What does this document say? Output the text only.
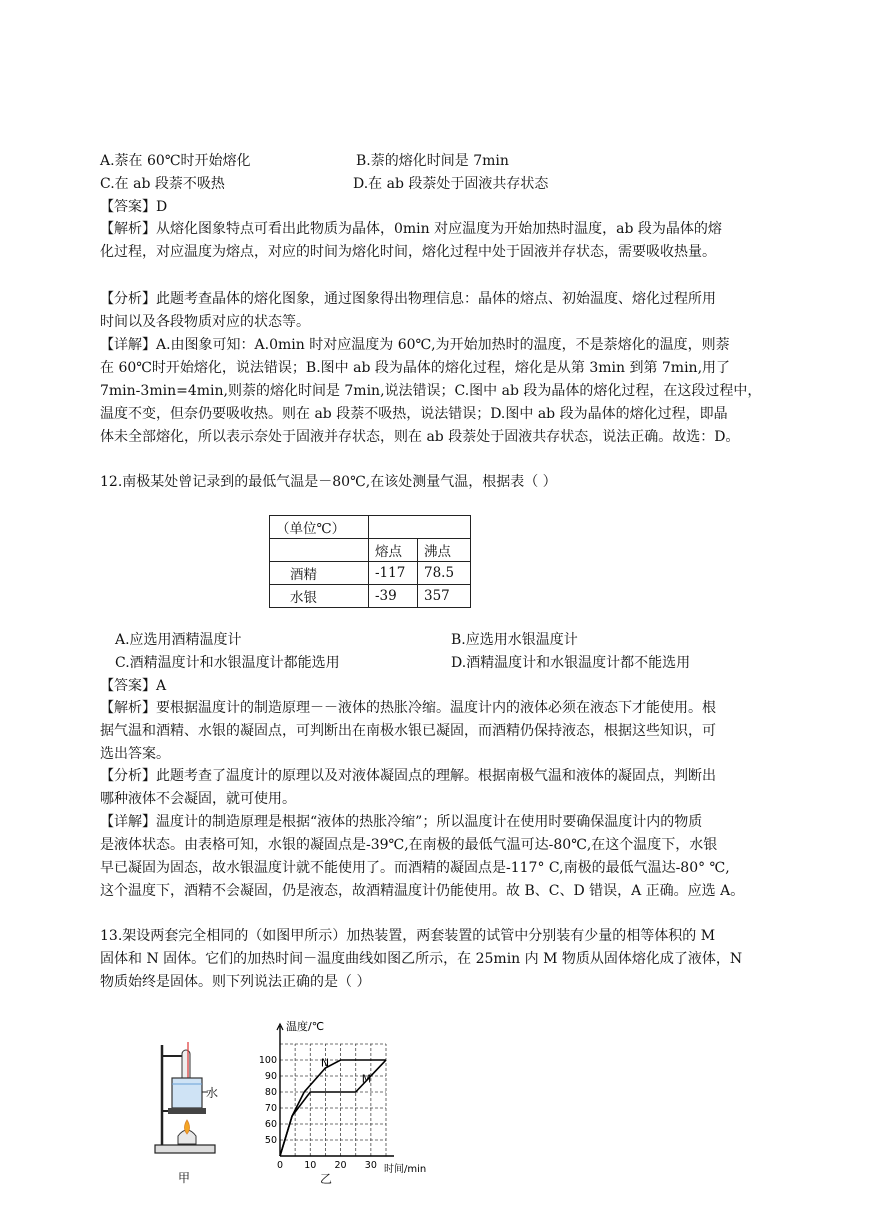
A.萘在 60℃时开始熔化	B.萘的熔化时间是 7min
C.在 ab 段萘不吸热	D.在 ab 段萘处于固液共存状态
【答案】D
【解析】从熔化图象特点可看出此物质为晶体，0min 对应温度为开始加热时温度，ab 段为晶体的熔
化过程，对应温度为熔点，对应的时间为熔化时间，熔化过程中处于固液并存状态，需要吸收热量。
【分析】此题考查晶体的熔化图象，通过图象得出物理信息：晶体的熔点、初始温度、熔化过程所用
时间以及各段物质对应的状态等。
【详解】A.由图象可知：A.0min 时对应温度为 60℃,为开始加热时的温度，不是萘熔化的温度，则萘
在 60℃时开始熔化，说法错误；B.图中 ab 段为晶体的熔化过程，熔化是从第 3min 到第 7min,用了
7min-3min=4min,则萘的熔化时间是 7min,说法错误；C.图中 ab 段为晶体的熔化过程，在这段过程中，
温度不变，但奈仍要吸收热。则在 ab 段萘不吸热，说法错误；D.图中 ab 段为晶体的熔化过程，即晶
体未全部熔化，所以表示奈处于固液并存状态，则在 ab 段萘处于固液共存状态，说法正确。故选：D。
12.南极某处曾记录到的最低气温是－80℃,在该处测量气温，根据表（ ）
（单位℃）		
	熔点	沸点
酒精	-117	78.5
水银	-39	357
A.应选用酒精温度计	B.应选用水银温度计
C.酒精温度计和水银温度计都能选用	D.酒精温度计和水银温度计都不能选用
【答案】A
【解析】要根据温度计的制造原理－－液体的热胀冷缩。温度计内的液体必须在液态下才能使用。根
据气温和酒精、水银的凝固点，可判断出在南极水银已凝固，而酒精仍保持液态，根据这些知识，可
选出答案。
【分析】此题考查了温度计的原理以及对液体凝固点的理解。根据南极气温和液体的凝固点，判断出
哪种液体不会凝固，就可使用。
【详解】温度计的制造原理是根据“液体的热胀冷缩”；所以温度计在使用时要确保温度计内的物质
是液体状态。由表格可知，水银的凝固点是-39℃,在南极的最低气温可达-80℃,在这个温度下，水银
早已凝固为固态，故水银温度计就不能使用了。而酒精的凝固点是-117° C,南极的最低气温达-80° ℃,
这个温度下，酒精不会凝固，仍是液态，故酒精温度计仍能使用。故 B、C、D 错误，A 正确。应选 A。
13.架设两套完全相同的（如图甲所示）加热装置，两套装置的试管中分别装有少量的相等体积的 M
固体和 N 固体。它们的加热时间－温度曲线如图乙所示，在 25min 内 M 物质从固体熔化成了液体，N
物质始终是固体。则下列说法正确的是（ ）
水
甲
50
60
70
80
90
100
0 10 20 30
温度/℃
时间/min
N
M
乙
